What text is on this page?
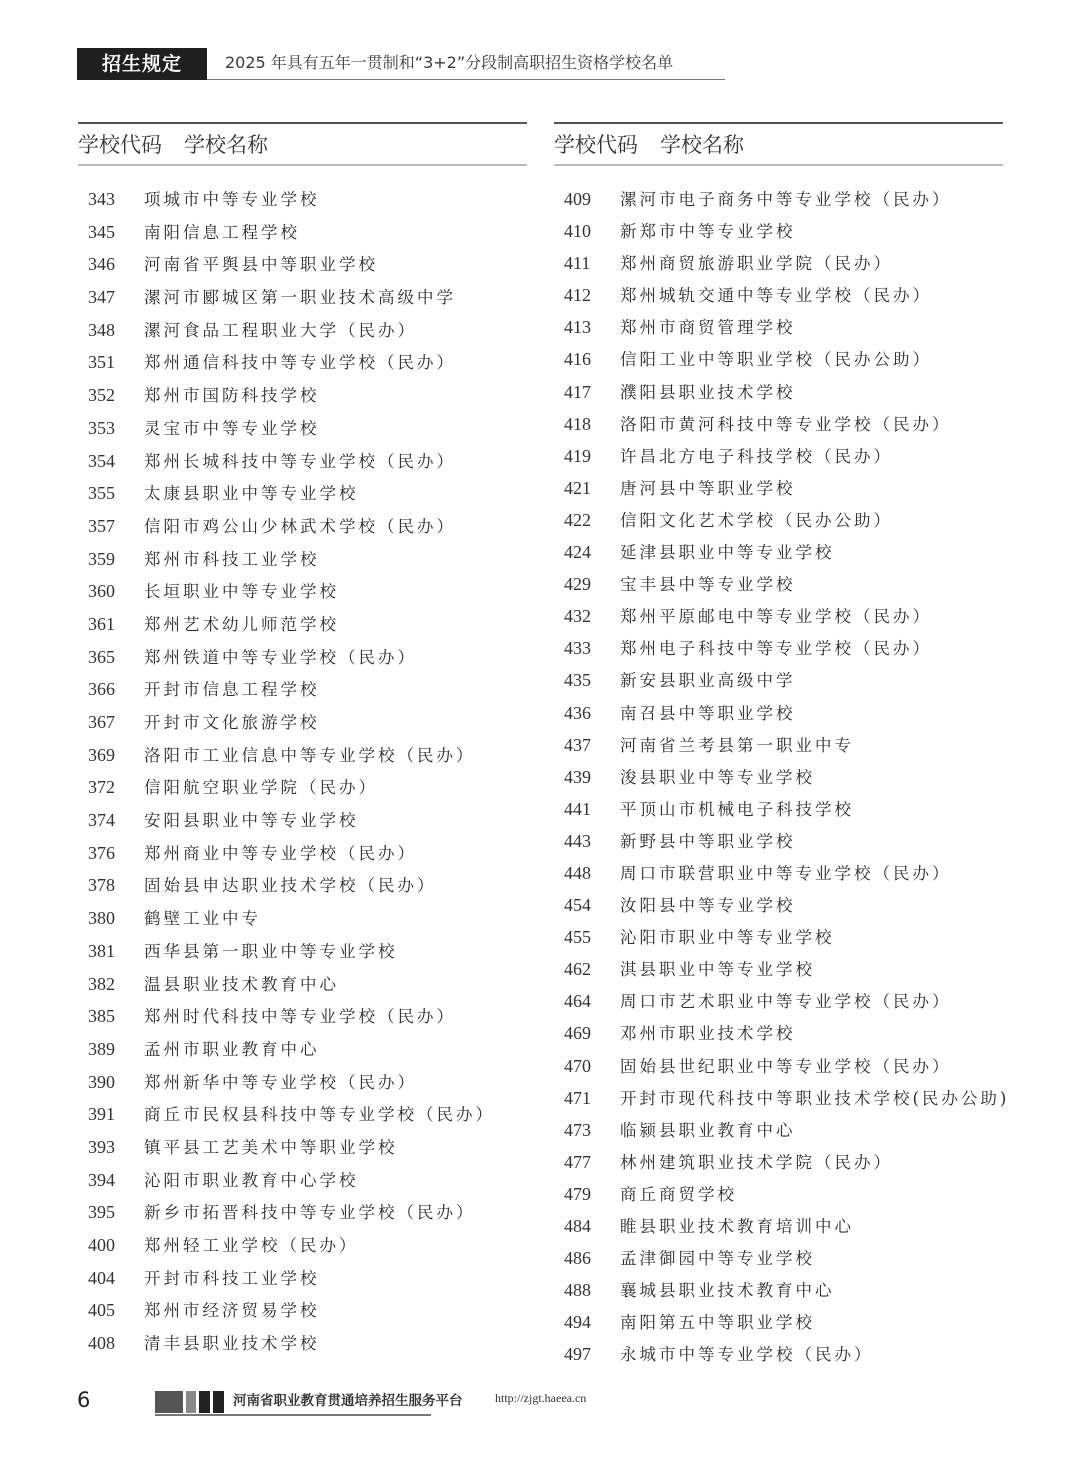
招生规定	2025 年具有五年一贯制和“3+2”分段制高职招生资格学校名单
学校代码 学校名称
343 项城市中等专业学校
345 南阳信息工程学校
346 河南省平舆县中等职业学校
347 漯河市郾城区第一职业技术高级中学
348 漯河食品工程职业大学（民办）
351 郑州通信科技中等专业学校（民办）
352 郑州市国防科技学校
353 灵宝市中等专业学校
354 郑州长城科技中等专业学校（民办）
355 太康县职业中等专业学校
357 信阳市鸡公山少林武术学校（民办）
359 郑州市科技工业学校
360 长垣职业中等专业学校
361 郑州艺术幼儿师范学校
365 郑州铁道中等专业学校（民办）
366 开封市信息工程学校
367 开封市文化旅游学校
369 洛阳市工业信息中等专业学校（民办）
372 信阳航空职业学院（民办）
374 安阳县职业中等专业学校
376 郑州商业中等专业学校（民办）
378 固始县申达职业技术学校（民办）
380 鹤壁工业中专
381 西华县第一职业中等专业学校
382 温县职业技术教育中心
385 郑州时代科技中等专业学校（民办）
389 孟州市职业教育中心
390 郑州新华中等专业学校（民办）
391 商丘市民权县科技中等专业学校（民办）
393 镇平县工艺美术中等职业学校
394 沁阳市职业教育中心学校
395 新乡市拓晋科技中等专业学校（民办）
400 郑州轻工业学校（民办）
404 开封市科技工业学校
405 郑州市经济贸易学校
408 清丰县职业技术学校
学校代码 学校名称
409 漯河市电子商务中等专业学校（民办）
410 新郑市中等专业学校
411 郑州商贸旅游职业学院（民办）
412 郑州城轨交通中等专业学校（民办）
413 郑州市商贸管理学校
416 信阳工业中等职业学校（民办公助）
417 濮阳县职业技术学校
418 洛阳市黄河科技中等专业学校（民办）
419 许昌北方电子科技学校（民办）
421 唐河县中等职业学校
422 信阳文化艺术学校（民办公助）
424 延津县职业中等专业学校
429 宝丰县中等专业学校
432 郑州平原邮电中等专业学校（民办）
433 郑州电子科技中等专业学校（民办）
435 新安县职业高级中学
436 南召县中等职业学校
437 河南省兰考县第一职业中专
439 浚县职业中等专业学校
441 平顶山市机械电子科技学校
443 新野县中等职业学校
448 周口市联营职业中等专业学校（民办）
454 汝阳县中等专业学校
455 沁阳市职业中等专业学校
462 淇县职业中等专业学校
464 周口市艺术职业中等专业学校（民办）
469 邓州市职业技术学校
470 固始县世纪职业中等专业学校（民办）
471 开封市现代科技中等职业技术学校(民办公助)
473 临颍县职业教育中心
477 林州建筑职业技术学院（民办）
479 商丘商贸学校
484 睢县职业技术教育培训中心
486 孟津御园中等专业学校
488 襄城县职业技术教育中心
494 南阳第五中等职业学校
497 永城市中等专业学校（民办）
6	河南省职业教育贯通培养招生服务平台	http://zjgt.haeea.cn
